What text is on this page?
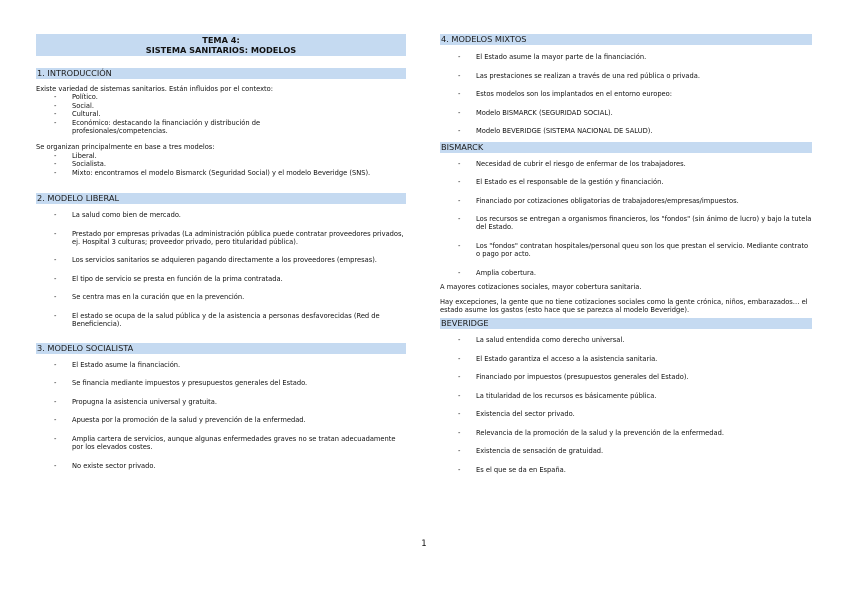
TEMA 4:
SISTEMA SANITARIOS: MODELOS
1. INTRODUCCIÓN
Existe variedad de sistemas sanitarios. Están influidos por el contexto:
- Político.
- Social.
- Cultural.
- Económico: destacando la financiación y distribución de profesionales/competencias.
Se organizan principalmente en base a tres modelos:
- Liberal.
- Socialista.
- Mixto: encontramos el modelo Bismarck (Seguridad Social) y el modelo Beveridge (SNS).
2. MODELO LIBERAL
- La salud como bien de mercado.
- Prestado por empresas privadas (La administración pública puede contratar proveedores privados, ej. Hospital 3 culturas; proveedor privado, pero titularidad pública).
- Los servicios sanitarios se adquieren pagando directamente a los proveedores (empresas).
- El tipo de servicio se presta en función de la prima contratada.
- Se centra mas en la curación que en la prevención.
- El estado se ocupa de la salud pública y de la asistencia a personas desfavorecidas (Red de Beneficiencia).
3. MODELO SOCIALISTA
- El Estado asume la financiación.
- Se financia mediante impuestos y presupuestos generales del Estado.
- Propugna la asistencia universal y gratuita.
- Apuesta por la promoción de la salud y prevención de la enfermedad.
- Amplia cartera de servicios, aunque algunas enfermedades graves no se tratan adecuadamente por los elevados costes.
- No existe sector privado.
4. MODELOS MIXTOS
- El Estado asume la mayor parte de la financiación.
- Las prestaciones se realizan a través de una red pública o privada.
- Estos modelos son los implantados en el entorno europeo:
- Modelo BISMARCK (SEGURIDAD SOCIAL).
- Modelo BEVERIDGE (SISTEMA NACIONAL DE SALUD).
BISMARCK
- Necesidad de cubrir el riesgo de enfermar de los trabajadores.
- El Estado es el responsable de la gestión y financiación.
- Financiado por cotizaciones obligatorias de trabajadores/empresas/impuestos.
- Los recursos se entregan a organismos financieros, los "fondos" (sin ánimo de lucro) y bajo la tutela del Estado.
- Los "fondos" contratan hospitales/personal queu son los que prestan el servicio. Mediante contrato o pago por acto.
- Amplia cobertura.
A mayores cotizaciones sociales, mayor cobertura sanitaria.
Hay excepciones, la gente que no tiene cotizaciones sociales como la gente crónica, niños, embarazados… el estado asume los gastos (esto hace que se parezca al modelo Beveridge).
BEVERIDGE
- La salud entendida como derecho universal.
- El Estado garantiza el acceso a la asistencia sanitaria.
- Financiado por impuestos (presupuestos generales del Estado).
- La titularidad de los recursos es básicamente pública.
- Existencia del sector privado.
- Relevancia de la promoción de la salud y la prevención de la enfermedad.
- Existencia de sensación de gratuidad.
- Es el que se da en España.
1
